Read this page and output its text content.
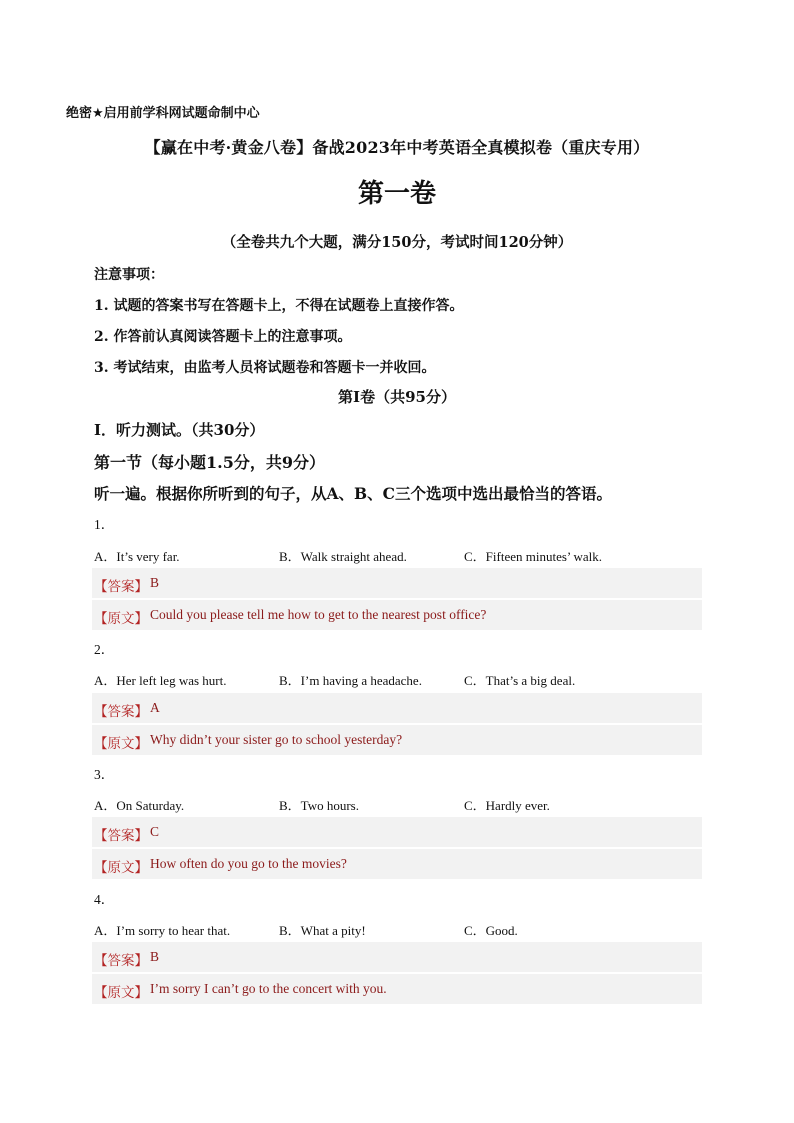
绝密★启用前学科网试题命制中心
【赢在中考·黄金八卷】备战2023年中考英语全真模拟卷（重庆专用）
第一卷
（全卷共九个大题，满分150分，考试时间120分钟）
注意事项：
1. 试题的答案书写在答题卡上，不得在试题卷上直接作答。
2. 作答前认真阅读答题卡上的注意事项。
3. 考试结束，由监考人员将试题卷和答题卡一并收回。
第Ⅰ卷（共95分）
Ⅰ．听力测试。（共30分）
第一节（每小题1.5分，共9分）
听一遍。根据你所听到的句子，从A、B、C三个选项中选出最恰当的答语。
1．
A．It’s very far.	B．Walk straight ahead.	C．Fifteen minutes’ walk.
【答案】 B
【原文】 Could you please tell me how to get to the nearest post office?
2．
A．Her left leg was hurt.	B．I’m having a headache.	C．That’s a big deal.
【答案】 A
【原文】 Why didn’t your sister go to school yesterday?
3．
A．On Saturday.	B．Two hours.	C．Hardly ever.
【答案】 C
【原文】 How often do you go to the movies?
4．
A．I’m sorry to hear that.	B．What a pity!	C．Good.
【答案】 B
【原文】 I’m sorry I can’t go to the concert with you.
